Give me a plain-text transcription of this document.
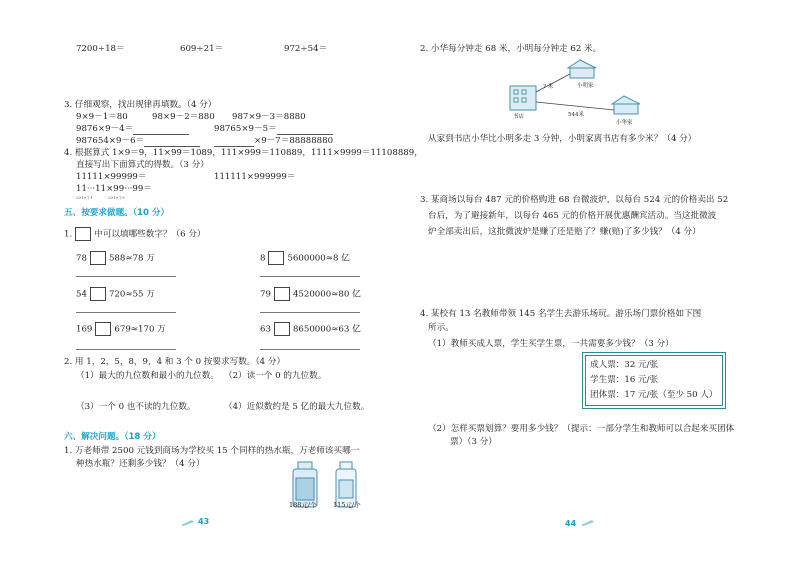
7200÷18＝	609÷21＝	972÷54＝
3. 仔细观察，找出规律再填数。（4 分）
9×9－1＝80	98×9－2＝880 987×9－3＝8880
9876×9－4＝	98765×9－5＝
987654×9－6＝	×9－7＝88888880
4. 根据算式 1×9＝9，11×99＝1089，111×999＝110889，1111×9999＝11108889，
直接写出下面算式的得数。（3 分）
11111×99999＝	111111×999999＝
11···11×99···99＝
2019个1	2019个9
五、按要求做题。（10 分）
1.	中可以填哪些数字？（6 分）
78	588≈78 万	8	5600000≈8 亿
54	720≈55 万	79	4520000≈80 亿
169	679≈170 万	63	8650000≈63 亿
2. 用 1，2，5，8，9，4 和 3 个 0 按要求写数。（4 分）
（1）最大的九位数和最小的九位数。 （2）读一个 0 的九位数。
（3）一个 0 也不读的九位数。	（4）近似数约是 5 亿的最大九位数。
六、解决问题。（18 分）
1. 万老师带 2500 元钱到商场为学校买 15 个同样的热水瓶，万老师该买哪一
种热水瓶？还剩多少钱？（4 分）
188元/个	115元/个
43
2. 小华每分钟走 68 米，小明每分钟走 62 米。
? 米	小明家
书店	544米
小华家
从家到书店小华比小明多走 3 分钟，小明家离书店有多少米？（4 分）
3. 某商场以每台 487 元的价格购进 68 台微波炉，以每台 524 元的价格卖出 52
台后，为了避接新年，以每台 465 元的价格开展优惠酬宾活动。当这批微波
炉全部卖出后，这批微波炉是赚了还是赔了？赚(赔)了多少钱？（4 分）
4. 某校有 13 名教师带领 145 名学生去游乐场玩。游乐场门票价格如下图
所示。
（1）教师买成人票，学生买学生票，一共需要多少钱？（3 分）
成人票：32 元/张
学生票：16 元/张
团体票：17 元/张（至少 50 人）
（2）怎样买票划算？要用多少钱？（提示：一部分学生和教师可以合起来买团体
票）（3 分）
44
